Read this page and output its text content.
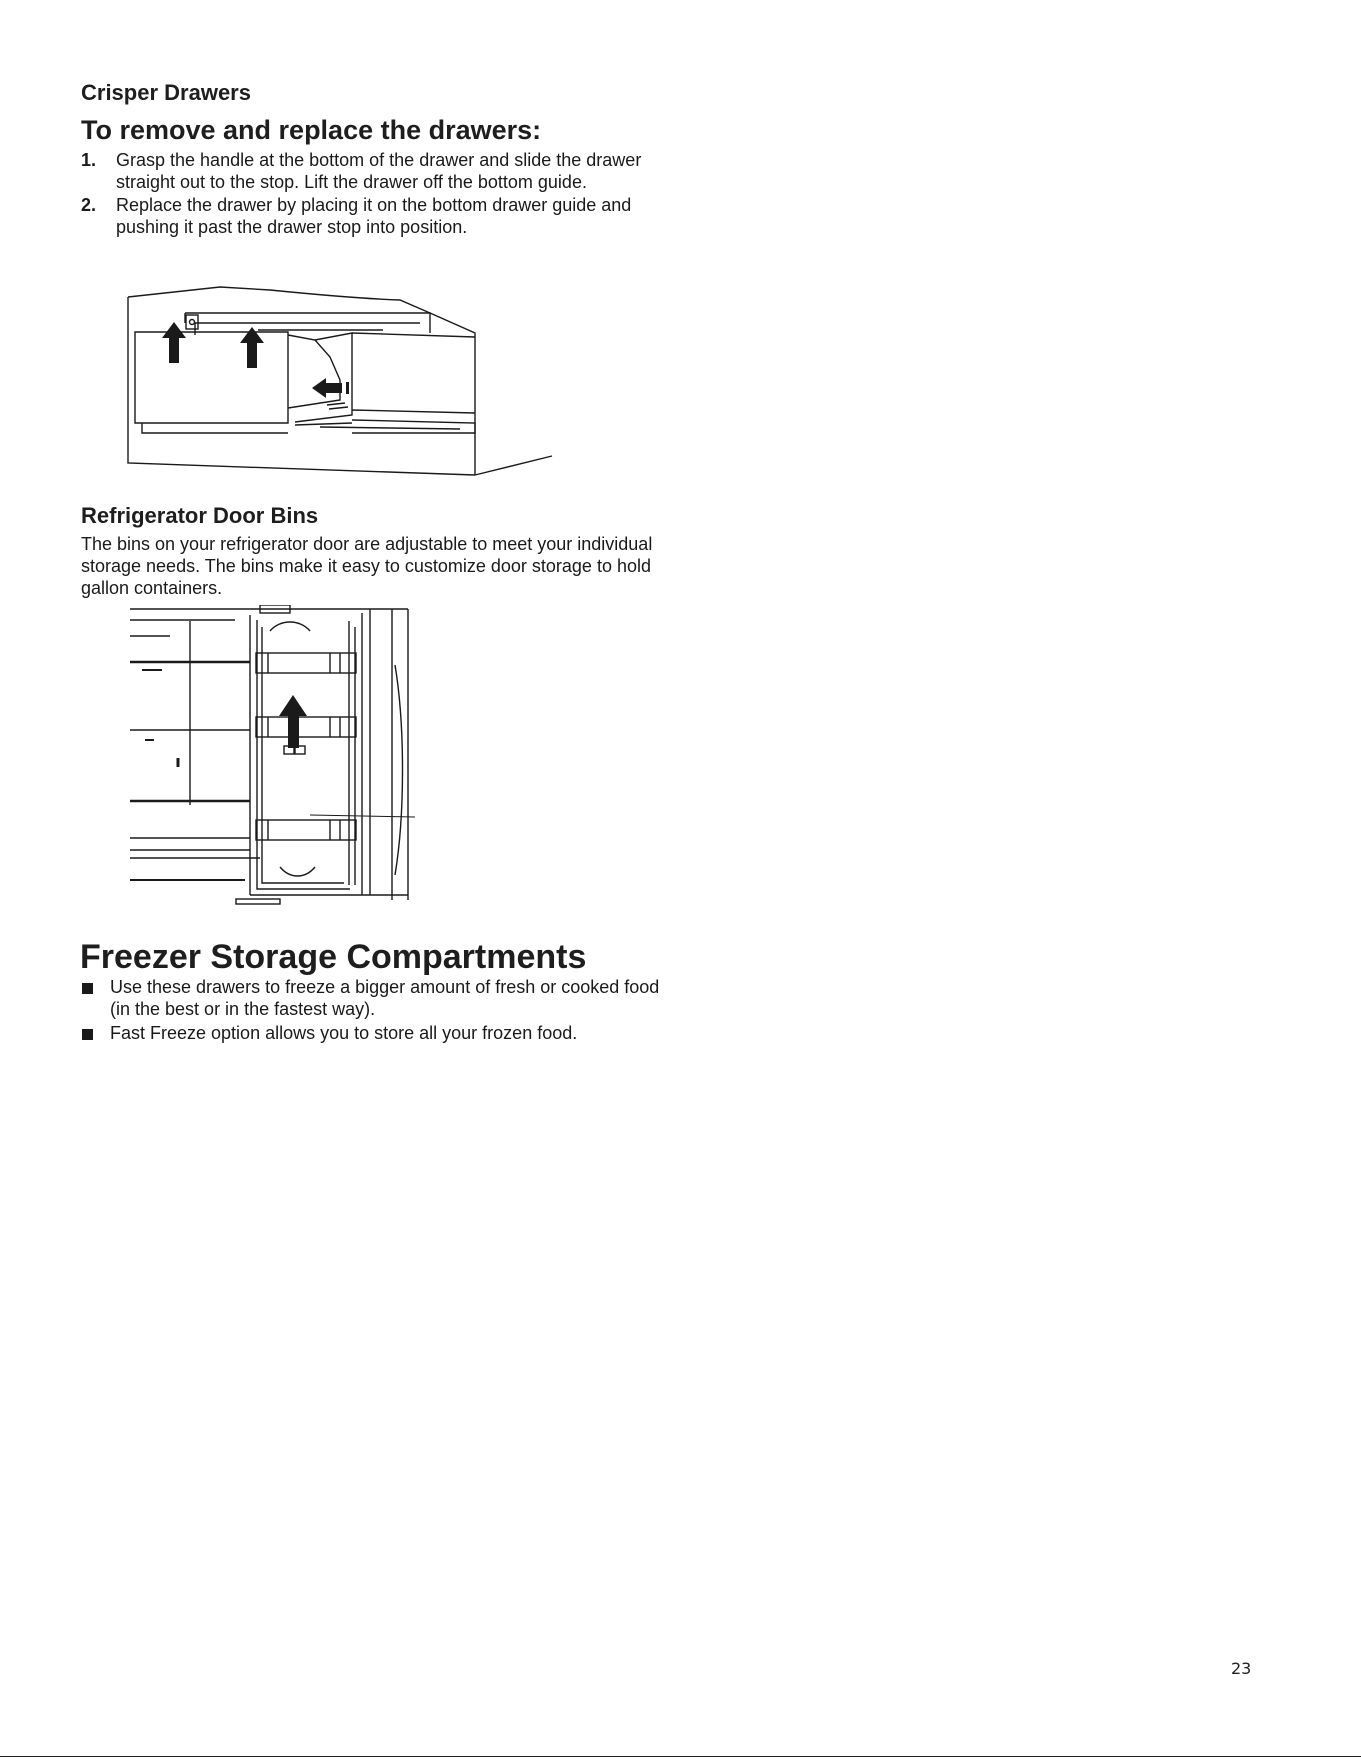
Crisper Drawers
To remove and replace the drawers:
1. Grasp the handle at the bottom of the drawer and slide the drawer straight out to the stop. Lift the drawer off the bottom guide.
2. Replace the drawer by placing it on the bottom drawer guide and pushing it past the drawer stop into position.
Refrigerator Door Bins

The bins on your refrigerator door are adjustable to meet your individual storage needs. The bins make it easy to customize door storage to hold gallon containers.

Freezer Storage Compartments
Use these drawers to freeze a bigger amount of fresh or cooked food (in the best or in the fastest way).
Fast Freeze option allows you to store all your frozen food.
23
